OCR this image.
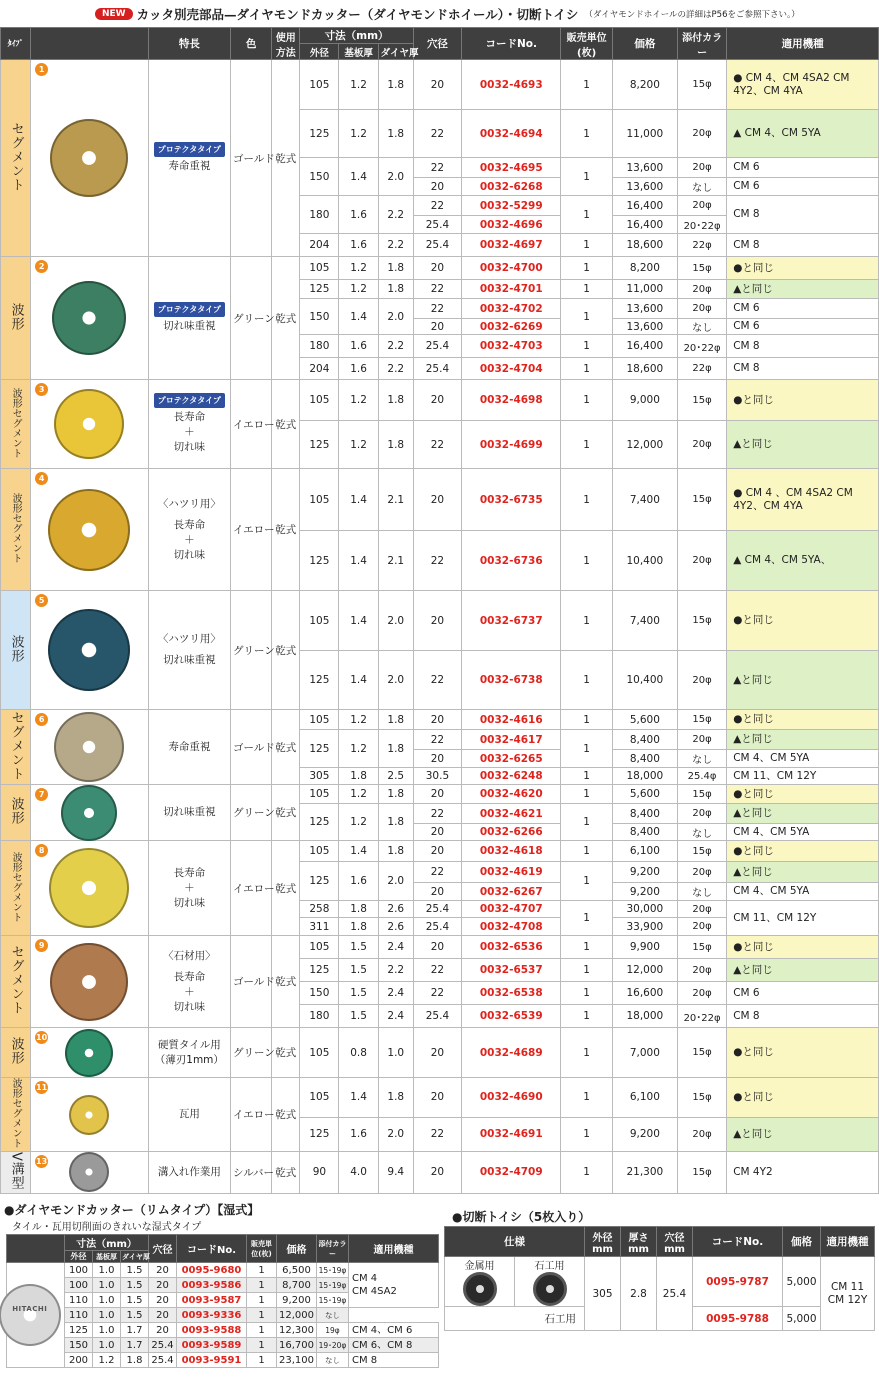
NEW カッタ別売部品—ダイヤモンドカッター（ダイヤモンドホイール）・切断トイシ （ダイヤモンドホイールの詳細はP56をご参照下さい。）
ﾀｲﾌﾟ		特長	色	使用方法	寸法（mm）			穴径	コードNo.	販売単位(枚)	価格	添付カラー	適用機種
					外径	基板厚	ダイヤ厚						
セグメント	1	プロテクタタイプ
寿命重視	ゴールド	乾式	105	1.2	1.8	20	0032-4693	1	8,200	15φ	● CM 4、CM 4SA2 CM 4Y2、CM 4YA
					125	1.2	1.8	22	0032-4694	1	11,000	20φ	▲ CM 4、CM 5YA
					150	1.4	2.0	22	0032-4695	1	13,600	20φ	CM 6
								20	0032-6268		13,600	なし	CM 6
					180	1.6	2.2	22	0032-5299	1	16,400	20φ	CM 8
								25.4	0032-4696		16,400	20･22φ	
					204	1.6	2.2	25.4	0032-4697	1	18,600	22φ	CM 8
波形	2	プロテクタタイプ
切れ味重視	グリーン	乾式	105	1.2	1.8	20	0032-4700	1	8,200	15φ	●と同じ
					125	1.2	1.8	22	0032-4701	1	11,000	20φ	▲と同じ
					150	1.4	2.0	22	0032-4702	1	13,600	20φ	CM 6
								20	0032-6269		13,600	なし	CM 6
					180	1.6	2.2	25.4	0032-4703	1	16,400	20･22φ	CM 8
					204	1.6	2.2	25.4	0032-4704	1	18,600	22φ	CM 8
波形セグメント	3	プロテクタタイプ
長寿命
＋
切れ味	イエロー	乾式	105	1.2	1.8	20	0032-4698	1	9,000	15φ	●と同じ
					125	1.2	1.8	22	0032-4699	1	12,000	20φ	▲と同じ
波形セグメント	4	〈ハツリ用〉
長寿命
＋
切れ味	イエロー	乾式	105	1.4	2.1	20	0032-6735	1	7,400	15φ	● CM 4 、CM 4SA2 CM 4Y2、CM 4YA
					125	1.4	2.1	22	0032-6736	1	10,400	20φ	▲ CM 4、CM 5YA、
波形	5	〈ハツリ用〉
切れ味重視	グリーン	乾式	105	1.4	2.0	20	0032-6737	1	7,400	15φ	●と同じ
					125	1.4	2.0	22	0032-6738	1	10,400	20φ	▲と同じ
セグメント	6	寿命重視	ゴールド	乾式	105	1.2	1.8	20	0032-4616	1	5,600	15φ	●と同じ
					125	1.2	1.8	22	0032-4617	1	8,400	20φ	▲と同じ
								20	0032-6265		8,400	なし	CM 4、CM 5YA
					305	1.8	2.5	30.5	0032-6248	1	18,000	25.4φ	CM 11、CM 12Y
波形	7	切れ味重視	グリーン	乾式	105	1.2	1.8	20	0032-4620	1	5,600	15φ	●と同じ
					125	1.2	1.8	22	0032-4621	1	8,400	20φ	▲と同じ
								20	0032-6266		8,400	なし	CM 4、CM 5YA
波形セグメント	8	長寿命
＋
切れ味	イエロー	乾式	105	1.4	1.8	20	0032-4618	1	6,100	15φ	●と同じ
					125	1.6	2.0	22	0032-4619	1	9,200	20φ	▲と同じ
								20	0032-6267		9,200	なし	CM 4、CM 5YA
					258	1.8	2.6	25.4	0032-4707	1	30,000	20φ	CM 11、CM 12Y
					311	1.8	2.6	25.4	0032-4708		33,900	20φ	
セグメント	9	〈石材用〉
長寿命
＋
切れ味	ゴールド	乾式	105	1.5	2.4	20	0032-6536	1	9,900	15φ	●と同じ
					125	1.5	2.2	22	0032-6537	1	12,000	20φ	▲と同じ
					150	1.5	2.4	22	0032-6538	1	16,600	20φ	CM 6
					180	1.5	2.4	25.4	0032-6539	1	18,000	20･22φ	CM 8
波形	10	硬質タイル用
（薄刃1mm）	グリーン	乾式	105	0.8	1.0	20	0032-4689	1	7,000	15φ	●と同じ
波形セグメント	11	瓦用	イエロー	乾式	105	1.4	1.8	20	0032-4690	1	6,100	15φ	●と同じ
					125	1.6	2.0	22	0032-4691	1	9,200	20φ	▲と同じ
V溝型	13	溝入れ作業用	シルバー	乾式	90	4.0	9.4	20	0032-4709	1	21,300	15φ	CM 4Y2
●ダイヤモンドカッター（リムタイプ）【湿式】
タイル・瓦用切削面のきれいな湿式タイプ
	寸法（mm）			穴径	コードNo.	販売単位(枚)	価格	添付カラー	適用機種
	外径	基板厚	ダイヤ厚						

HITACHI	100	1.0	1.5	20	0095-9680	1	6,500	15･19φ	CM 4
CM 4SA2
	100	1.0	1.5	20	0093-9586	1	8,700	15･19φ	
	110	1.0	1.5	20	0093-9587	1	9,200	15･19φ	
	110	1.0	1.5	20	0093-9336	1	12,000	なし	
	125	1.0	1.7	20	0093-9588	1	12,300	19φ	CM 4、CM 6
	150	1.0	1.7	25.4	0093-9589	1	16,700	19･20φ	CM 6、CM 8
	200	1.2	1.8	25.4	0093-9591	1	23,100	なし	CM 8
●切断トイシ（5枚入り）
仕様		外径mm	厚さmm	穴径mm	コードNo.	価格	適用機種

金属用	石工用	305	2.8	25.4	0095-9787	5,000	CM 11
CM 12Y
石工用					0095-9788	5,000	
